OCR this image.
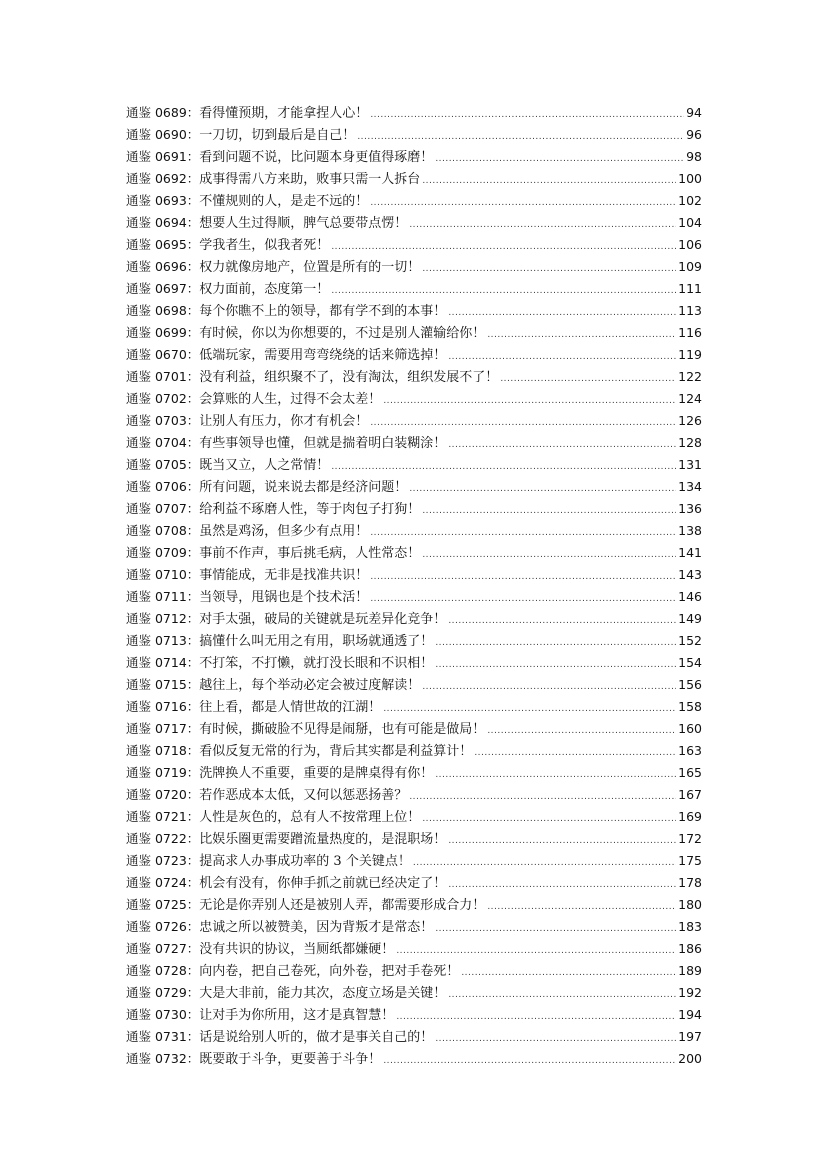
通鉴 0689： 看得懂预期，才能拿捏人心！ .....	94
通鉴 0690： 一刀切，切到最后是自己！ .....	96
通鉴 0691： 看到问题不说，比问题本身更值得琢磨！ .....	98
通鉴 0692： 成事得需八方来助，败事只需一人拆台 .....	100
通鉴 0693： 不懂规则的人，是走不远的！ .....	102
通鉴 0694： 想要人生过得顺，脾气总要带点愣！ .....	104
通鉴 0695： 学我者生，似我者死！ .....	106
通鉴 0696： 权力就像房地产，位置是所有的一切！ .....	109
通鉴 0697： 权力面前，态度第一！ .....	111
通鉴 0698： 每个你瞧不上的领导，都有学不到的本事！ .....	113
通鉴 0699： 有时候，你以为你想要的，不过是别人灌输给你！ .....	116
通鉴 0670： 低端玩家，需要用弯弯绕绕的话来筛选掉！ .....	119
通鉴 0701： 没有利益，组织聚不了，没有淘汰，组织发展不了！ .....	122
通鉴 0702： 会算账的人生，过得不会太差！ .....	124
通鉴 0703： 让别人有压力，你才有机会！ .....	126
通鉴 0704： 有些事领导也懂，但就是揣着明白装糊涂！ .....	128
通鉴 0705： 既当又立，人之常情！ .....	131
通鉴 0706： 所有问题，说来说去都是经济问题！ .....	134
通鉴 0707： 给利益不琢磨人性，等于肉包子打狗！ .....	136
通鉴 0708： 虽然是鸡汤，但多少有点用！ .....	138
通鉴 0709： 事前不作声，事后挑毛病，人性常态！ .....	141
通鉴 0710： 事情能成，无非是找准共识！ .....	143
通鉴 0711： 当领导，甩锅也是个技术活！ .....	146
通鉴 0712： 对手太强，破局的关键就是玩差异化竞争！ .....	149
通鉴 0713： 搞懂什么叫无用之有用，职场就通透了！ .....	152
通鉴 0714： 不打笨，不打懒，就打没长眼和不识相！ .....	154
通鉴 0715： 越往上，每个举动必定会被过度解读！ .....	156
通鉴 0716： 往上看，都是人情世故的江湖！ .....	158
通鉴 0717： 有时候，撕破脸不见得是闹掰，也有可能是做局！ .....	160
通鉴 0718： 看似反复无常的行为，背后其实都是利益算计！ .....	163
通鉴 0719： 洗牌换人不重要，重要的是牌桌得有你！ .....	165
通鉴 0720： 若作恶成本太低，又何以惩恶扬善？ .....	167
通鉴 0721： 人性是灰色的，总有人不按常理上位！ .....	169
通鉴 0722： 比娱乐圈更需要蹭流量热度的，是混职场！ .....	172
通鉴 0723： 提高求人办事成功率的 3 个关键点！ .....	175
通鉴 0724： 机会有没有，你伸手抓之前就已经决定了！ .....	178
通鉴 0725： 无论是你弄别人还是被别人弄，都需要形成合力！ .....	180
通鉴 0726： 忠诚之所以被赞美，因为背叛才是常态！ .....	183
通鉴 0727： 没有共识的协议，当厕纸都嫌硬！ .....	186
通鉴 0728： 向内卷，把自己卷死，向外卷，把对手卷死！ .....	189
通鉴 0729： 大是大非前，能力其次，态度立场是关键！ .....	192
通鉴 0730： 让对手为你所用，这才是真智慧！ .....	194
通鉴 0731： 话是说给别人听的，做才是事关自己的！ .....	197
通鉴 0732： 既要敢于斗争，更要善于斗争！ .....	200
